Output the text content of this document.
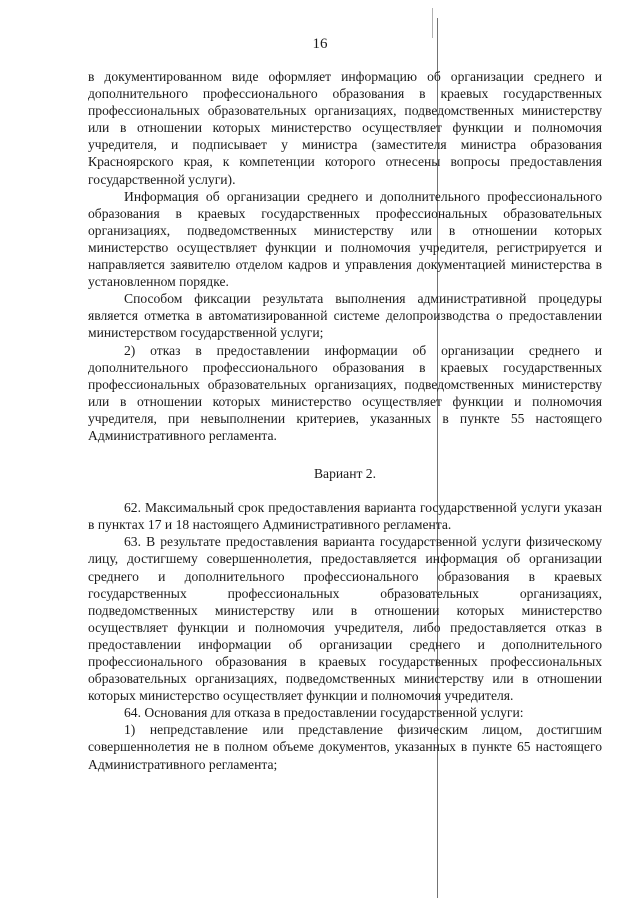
16

в документированном виде оформляет информацию об организации среднего и дополнительного профессионального образования в краевых государственных профессиональных образовательных организациях, подведомственных министерству или в отношении которых министерство осуществляет функции и полномочия учредителя, и подписывает у министра (заместителя министра образования Красноярского края, к компетенции которого отнесены вопросы предоставления государственной услуги).

Информация об организации среднего и дополнительного профессионального образования в краевых государственных профессиональных образовательных организациях, подведомственных министерству или в отношении которых министерство осуществляет функции и полномочия учредителя, регистрируется и направляется заявителю отделом кадров и управления документацией министерства в установленном порядке.

Способом фиксации результата выполнения административной процедуры является отметка в автоматизированной системе делопроизводства о предоставлении министерством государственной услуги;

2) отказ в предоставлении информации об организации среднего и дополнительного профессионального образования в краевых государственных профессиональных образовательных организациях, подведомственных министерству или в отношении которых министерство осуществляет функции и полномочия учредителя, при невыполнении критериев, указанных в пункте 55 настоящего Административного регламента.

Вариант 2.

62. Максимальный срок предоставления варианта государственной услуги указан в пунктах 17 и 18 настоящего Административного регламента.

63. В результате предоставления варианта государственной услуги физическому лицу, достигшему совершеннолетия, предоставляется информация об организации среднего и дополнительного профессионального образования в краевых государственных профессиональных образовательных организациях, подведомственных министерству или в отношении которых министерство осуществляет функции и полномочия учредителя, либо предоставляется отказ в предоставлении информации об организации среднего и дополнительного профессионального образования в краевых государственных профессиональных образовательных организациях, подведомственных министерству или в отношении которых министерство осуществляет функции и полномочия учредителя.

64. Основания для отказа в предоставлении государственной услуги:

1) непредставление или представление физическим лицом, достигшим совершеннолетия не в полном объеме документов, указанных в пункте 65 настоящего Административного регламента;
